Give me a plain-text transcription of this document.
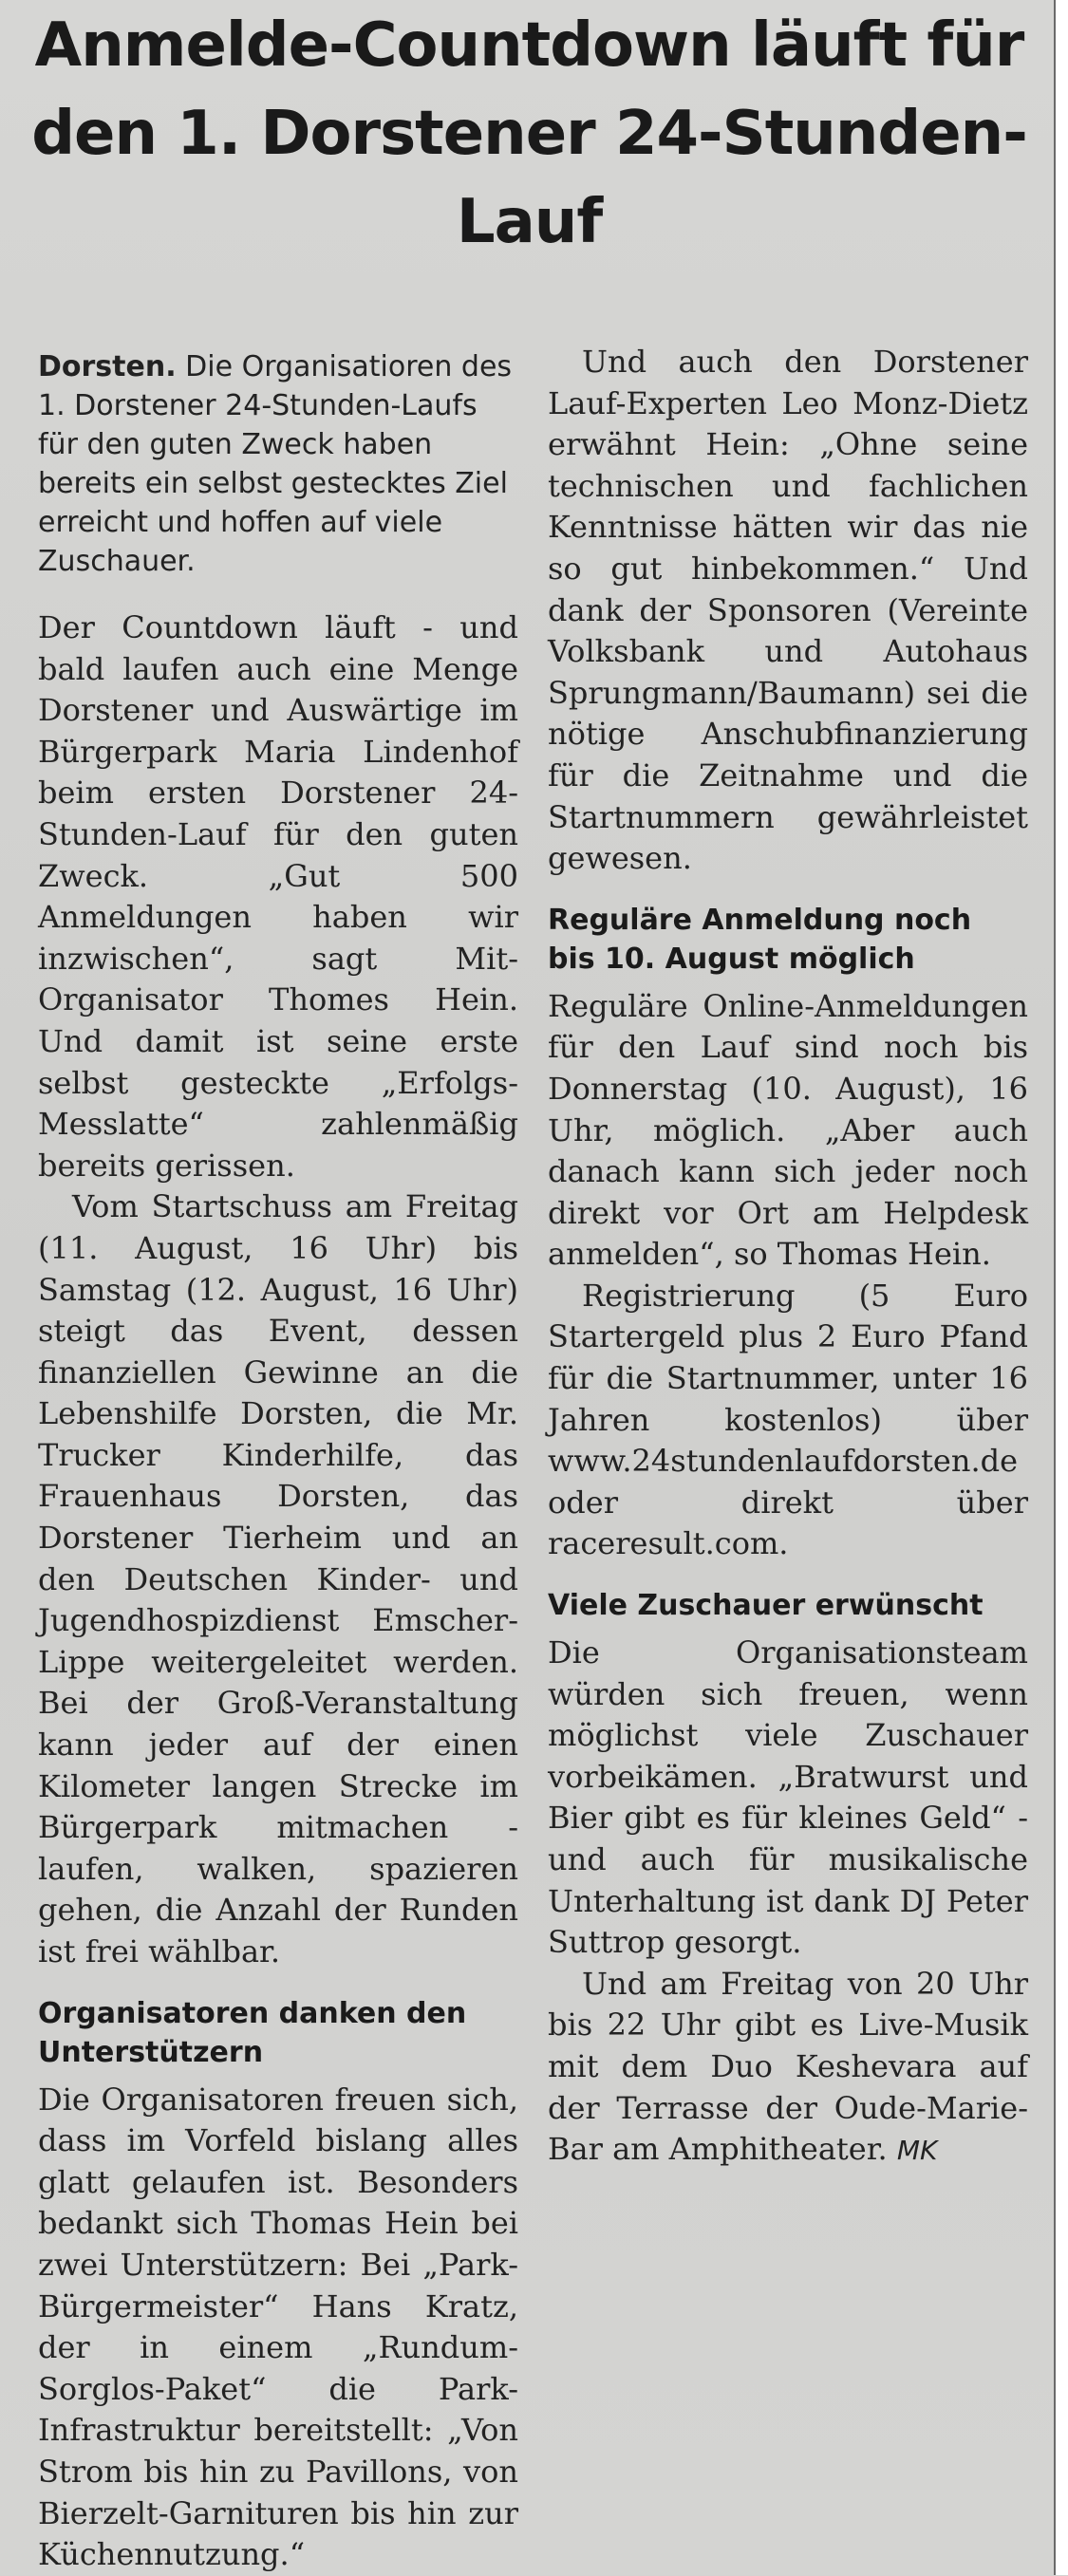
Anmelde-Countdown läuft für den 1. Dorstener 24-Stunden-Lauf

Dorsten. Die Organisatioren des 1. Dorstener 24-Stunden-Laufs für den guten Zweck haben bereits ein selbst gestecktes Ziel erreicht und hoffen auf viele Zuschauer.

Der Countdown läuft - und bald laufen auch eine Menge Dorstener und Auswärtige im Bürgerpark Maria Lindenhof beim ersten Dorstener 24-Stunden-Lauf für den guten Zweck. „Gut 500 Anmeldungen haben wir inzwischen“, sagt Mit-Organisator Thomes Hein. Und damit ist seine erste selbst gesteckte „Erfolgs-Messlatte“ zahlenmäßig bereits gerissen.

Vom Startschuss am Freitag (11. August, 16 Uhr) bis Samstag (12. August, 16 Uhr) steigt das Event, dessen finanziellen Gewinne an die Lebenshilfe Dorsten, die Mr. Trucker Kinderhilfe, das Frauenhaus Dorsten, das Dorstener Tierheim und an den Deutschen Kinder- und Jugendhospizdienst Emscher-Lippe weitergeleitet werden. Bei der Groß-Veranstaltung kann jeder auf der einen Kilometer langen Strecke im Bürgerpark mitmachen - laufen, walken, spazieren gehen, die Anzahl der Runden ist frei wählbar.

Organisatoren danken den Unterstützern

Die Organisatoren freuen sich, dass im Vorfeld bislang alles glatt gelaufen ist. Besonders bedankt sich Thomas Hein bei zwei Unterstützern: Bei „Park-Bürgermeister“ Hans Kratz, der in einem „Rundum-Sorglos-Paket“ die Park-Infrastruktur bereitstellt: „Von Strom bis hin zu Pavillons, von Bierzelt-Garnituren bis hin zur Küchennutzung.“

Und auch den Dorstener Lauf-Experten Leo Monz-Dietz erwähnt Hein: „Ohne seine technischen und fachlichen Kenntnisse hätten wir das nie so gut hinbekommen.“ Und dank der Sponsoren (Vereinte Volksbank und Autohaus Sprungmann/Baumann) sei die nötige Anschubfinanzierung für die Zeitnahme und die Startnummern gewährleistet gewesen.

Reguläre Anmeldung noch bis 10. August möglich

Reguläre Online-Anmeldungen für den Lauf sind noch bis Donnerstag (10. August), 16 Uhr, möglich. „Aber auch danach kann sich jeder noch direkt vor Ort am Helpdesk anmelden“, so Thomas Hein.

Registrierung (5 Euro Startergeld plus 2 Euro Pfand für die Startnummer, unter 16 Jahren kostenlos) über www.24stundenlaufdorsten.de oder direkt über raceresult.com.

Viele Zuschauer erwünscht

Die Organisationsteam würden sich freuen, wenn möglichst viele Zuschauer vorbeikämen. „Bratwurst und Bier gibt es für kleines Geld“ - und auch für musikalische Unterhaltung ist dank DJ Peter Suttrop gesorgt.

Und am Freitag von 20 Uhr bis 22 Uhr gibt es Live-Musik mit dem Duo Keshevara auf der Terrasse der Oude-Marie-Bar am Amphitheater. MK
